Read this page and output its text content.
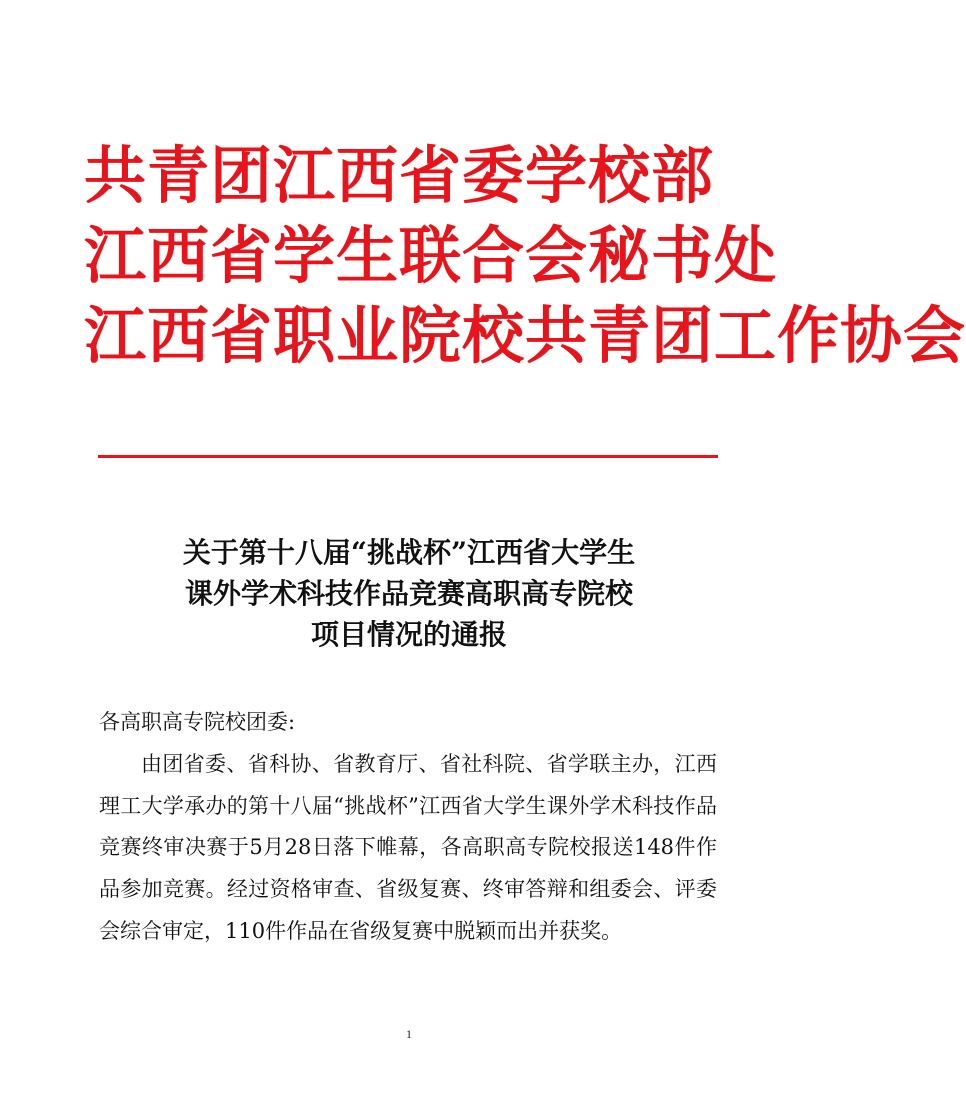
共青团江西省委学校部
江西省学生联合会秘书处
江西省职业院校共青团工作协会
关于第十八届“挑战杯”江西省大学生
课外学术科技作品竞赛高职高专院校
项目情况的通报
各高职高专院校团委:
由团省委、省科协、省教育厅、省社科院、省学联主办，江西理工大学承办的第十八届“挑战杯”江西省大学生课外学术科技作品竞赛终审决赛于5月28日落下帷幕，各高职高专院校报送148件作品参加竞赛。经过资格审查、省级复赛、终审答辩和组委会、评委会综合审定，110件作品在省级复赛中脱颖而出并获奖。
1
